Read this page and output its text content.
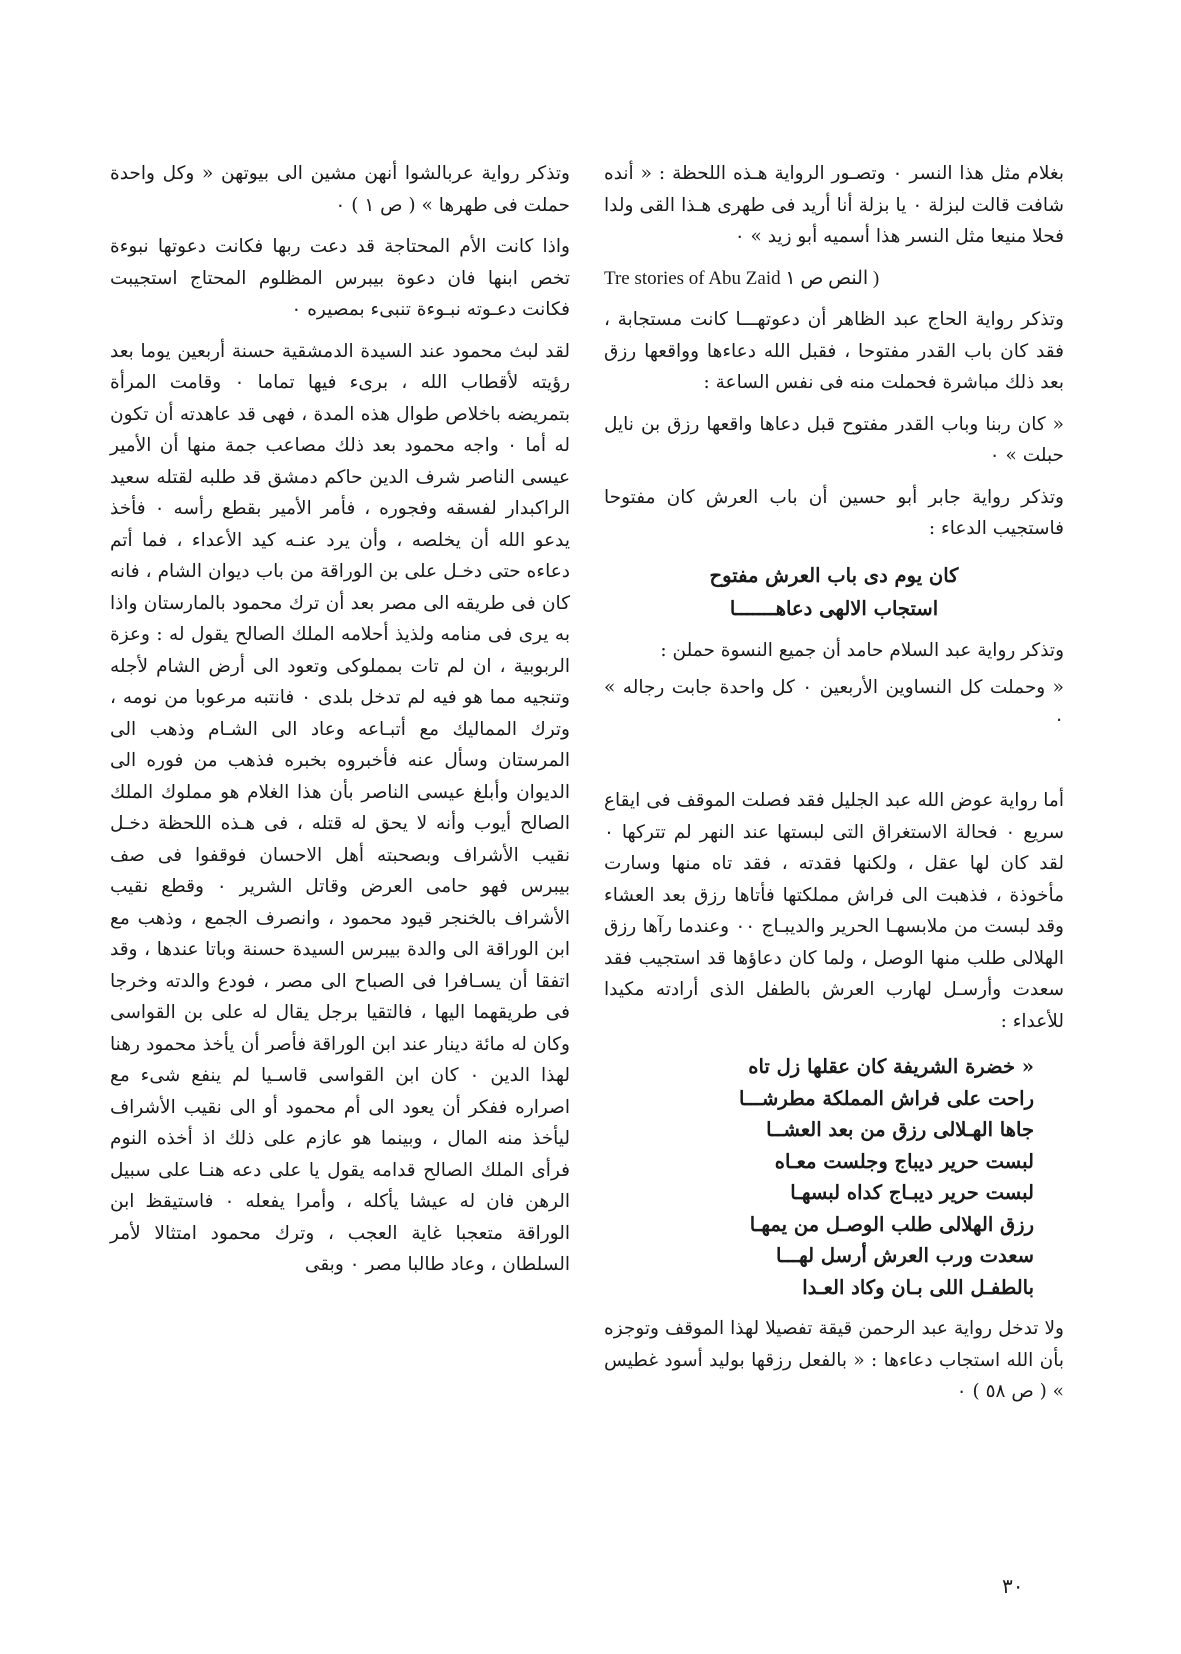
بغلام مثل هذا النسر ٠ وتصـور الرواية هـذه اللحظة : « أنده شافت قالت لبزلة ٠ يا بزلة أنا أريد فى طهرى هـذا القى ولدا فحلا منيعا مثل النسر هذا أسميه أبو زيد » ٠

Tre stories of Abu Zaid ( النص ص ١

وتذكر رواية الحاج عبد الظاهر أن دعوتهـــا كانت مستجابة ، فقد كان باب القدر مفتوحا ، فقبل الله دعاءها وواقعها رزق بعد ذلك مباشرة فحملت منه فى نفس الساعة :

« كان ربنا وباب القدر مفتوح قبل دعاها واقعها رزق بن نايل حبلت » ٠

وتذكر رواية جابر أبو حسين أن باب العرش كان مفتوحا فاستجيب الدعاء :

كان يوم دى باب العرش مفتوح
استجاب الالهى دعاهـــــــا

وتذكر رواية عبد السلام حامد أن جميع النسوة حملن :

« وحملت كل النساوين الأربعين ٠ كل واحدة جابت رجاله » ٠

أما رواية عوض الله عبد الجليل فقد فصلت الموقف فى ايقاع سريع ٠ فحالة الاستغراق التى لبستها عند النهر لم تتركها ٠ لقد كان لها عقل ، ولكنها فقدته ، فقد تاه منها وسارت مأخوذة ، فذهبت الى فراش مملكتها فأتاها رزق بعد العشاء وقد لبست من ملابسهـا الحرير والديبـاج ٠٠ وعندما رآها رزق الهلالى طلب منها الوصل ، ولما كان دعاؤها قد استجيب فقد سعدت وأرسـل لهارب العرش بالطفل الذى أرادته مكيدا للأعداء :

« خضرة الشريفة كان عقلها زل تاه
راحت على فراش المملكة مطرشـــا
جاها الهـلالى رزق من بعد العشــا
لبست حرير ديباج وجلست معـاه
لبست حرير ديبـاج كداه لبسهـا
رزق الهلالى طلب الوصـل من يمهـا
سعدت ورب العرش أرسل لهـــا
بالطفـل اللى بـان وكاد العـدا

ولا تدخل رواية عبد الرحمن قيقة تفصيلا لهذا الموقف وتوجزه بأن الله استجاب دعاءها : « بالفعل رزقها بوليد أسود غطيس » ( ص ٥٨ ) ٠

وتذكر رواية عربالشوا أنهن مشين الى بيوتهن « وكل واحدة حملت فى طهرها » ( ص ١ ) ٠

واذا كانت الأم المحتاجة قد دعت ربها فكانت دعوتها نبوءة تخص ابنها فان دعوة بيبرس المظلوم المحتاج استجيبت فكانت دعـوته نبـوءة تنبىء بمصيره ٠

لقد لبث محمود عند السيدة الدمشقية حسنة أربعين يوما بعد رؤيته لأقطاب الله ، برىء فيها تماما ٠ وقامت المرأة بتمريضه باخلاص طوال هذه المدة ، فهى قد عاهدته أن تكون له أما ٠ واجه محمود بعد ذلك مصاعب جمة منها أن الأمير عيسى الناصر شرف الدين حاكم دمشق قد طلبه لقتله سعيد الراكبدار لفسقه وفجوره ، فأمر الأمير بقطع رأسه ٠ فأخذ يدعو الله أن يخلصه ، وأن يرد عنـه كيد الأعداء ، فما أتم دعاءه حتى دخـل على بن الوراقة من باب ديوان الشام ، فانه كان فى طريقه الى مصر بعد أن ترك محمود بالمارستان واذا به يرى فى منامه ولذيذ أحلامه الملك الصالح يقول له : وعزة الربوبية ، ان لم تات بمملوكى وتعود الى أرض الشام لأجله وتنجيه مما هو فيه لم تدخل بلدى ٠ فانتبه مرعوبا من نومه ، وترك المماليك مع أتبـاعه وعاد الى الشـام وذهب الى المرستان وسأل عنه فأخبروه بخبره فذهب من فوره الى الديوان وأبلغ عيسى الناصر بأن هذا الغلام هو مملوك الملك الصالح أيوب وأنه لا يحق له قتله ، فى هـذه اللحظة دخـل نقيب الأشراف وبصحبته أهل الاحسان فوقفوا فى صف بيبرس فهو حامى العرض وقاتل الشرير ٠ وقطع نقيب الأشراف بالخنجر قيود محمود ، وانصرف الجمع ، وذهب مع ابن الوراقة الى والدة بيبرس السيدة حسنة وباتا عندها ، وقد اتفقا أن يسـافرا فى الصباح الى مصر ، فودع والدته وخرجا فى طريقهما اليها ، فالتقيا برجل يقال له على بن القواسى وكان له مائة دينار عند ابن الوراقة فأصر أن يأخذ محمود رهنا لهذا الدين ٠ كان ابن القواسى قاسـيا لم ينفع شىء مع اصراره ففكر أن يعود الى أم محمود أو الى نقيب الأشراف ليأخذ منه المال ، وبينما هو عازم على ذلك اذ أخذه النوم فرأى الملك الصالح قدامه يقول يا على دعه هنـا على سبيل الرهن فان له عيشا يأكله ، وأمرا يفعله ٠ فاستيقظ ابن الوراقة متعجبا غاية العجب ، وترك محمود امتثالا لأمر السلطان ، وعاد طالبا مصر ٠ وبقى

٣٠
